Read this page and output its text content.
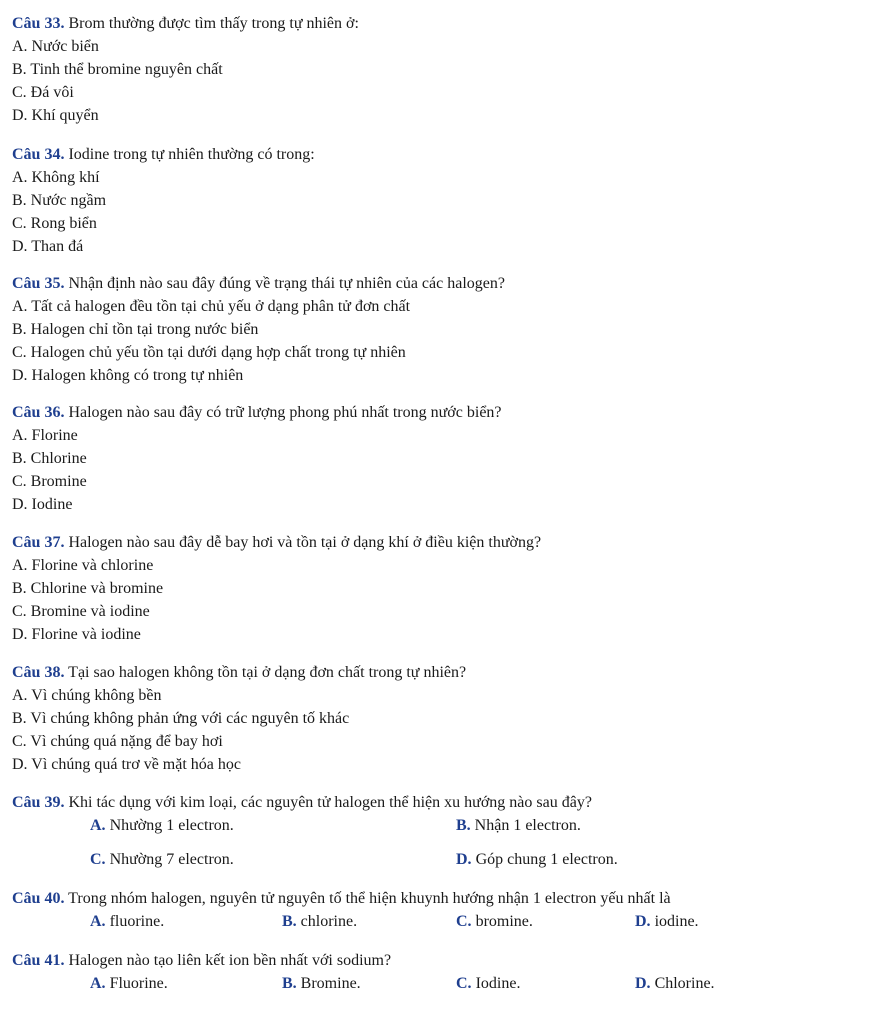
Câu 33. Brom thường được tìm thấy trong tự nhiên ở:
A. Nước biển
B. Tinh thể bromine nguyên chất
C. Đá vôi
D. Khí quyển
Câu 34. Iodine trong tự nhiên thường có trong:
A. Không khí
B. Nước ngầm
C. Rong biển
D. Than đá
Câu 35. Nhận định nào sau đây đúng về trạng thái tự nhiên của các halogen?
A. Tất cả halogen đều tồn tại chủ yếu ở dạng phân tử đơn chất
B. Halogen chỉ tồn tại trong nước biển
C. Halogen chủ yếu tồn tại dưới dạng hợp chất trong tự nhiên
D. Halogen không có trong tự nhiên
Câu 36. Halogen nào sau đây có trữ lượng phong phú nhất trong nước biển?
A. Florine
B. Chlorine
C. Bromine
D. Iodine
Câu 37. Halogen nào sau đây dễ bay hơi và tồn tại ở dạng khí ở điều kiện thường?
A. Florine và chlorine
B. Chlorine và bromine
C. Bromine và iodine
D. Florine và iodine
Câu 38. Tại sao halogen không tồn tại ở dạng đơn chất trong tự nhiên?
A. Vì chúng không bền
B. Vì chúng không phản ứng với các nguyên tố khác
C. Vì chúng quá nặng để bay hơi
D. Vì chúng quá trơ về mặt hóa học
Câu 39. Khi tác dụng với kim loại, các nguyên tử halogen thể hiện xu hướng nào sau đây?
A. Nhường 1 electron.	B. Nhận 1 electron.
C. Nhường 7 electron.	D. Góp chung 1 electron.
Câu 40. Trong nhóm halogen, nguyên tử nguyên tố thể hiện khuynh hướng nhận 1 electron yếu nhất là
A. fluorine.	B. chlorine.	C. bromine.	D. iodine.
Câu 41. Halogen nào tạo liên kết ion bền nhất với sodium?
A. Fluorine.	B. Bromine.	C. Iodine.	D. Chlorine.
